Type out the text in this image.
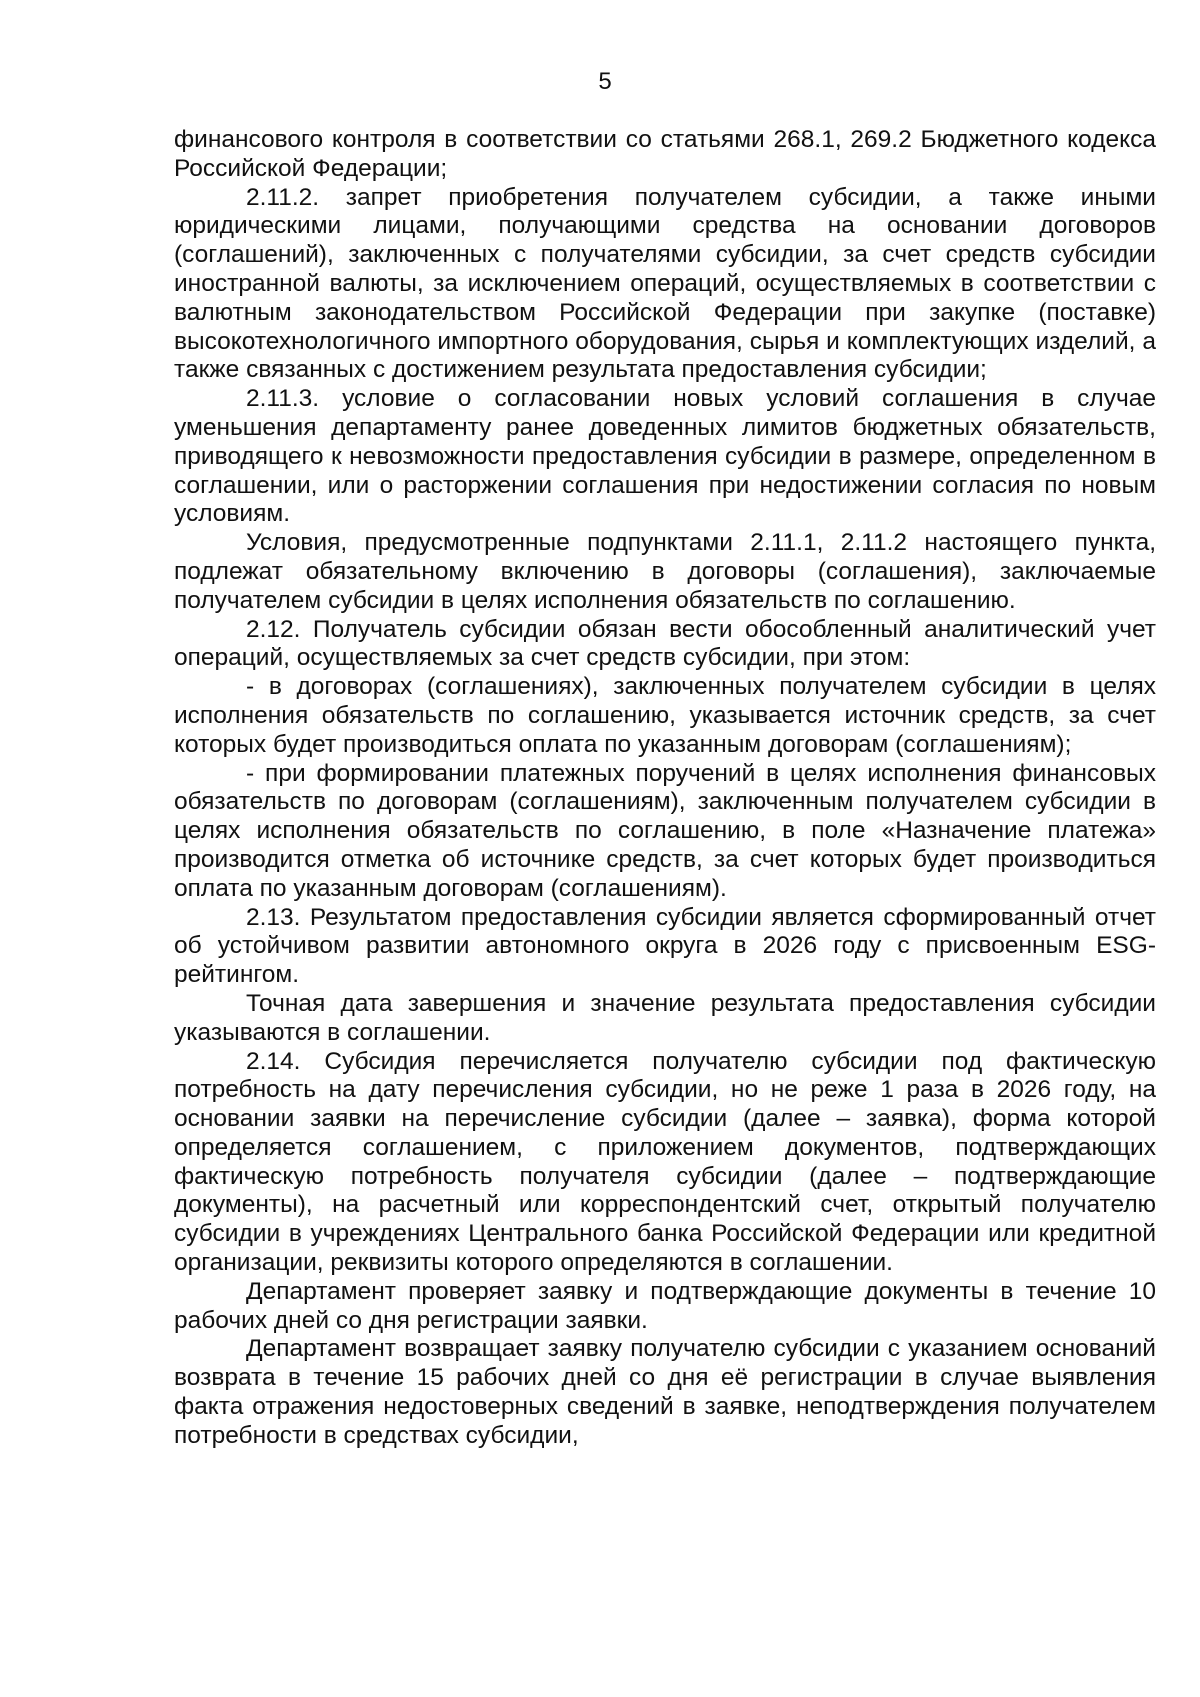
5

финансового контроля в соответствии со статьями 268.1, 269.2 Бюджетного кодекса Российской Федерации;

2.11.2. запрет приобретения получателем субсидии, а также иными юридическими лицами, получающими средства на основании договоров (соглашений), заключенных с получателями субсидии, за счет средств субсидии иностранной валюты, за исключением операций, осуществляемых в соответствии с валютным законодательством Российской Федерации при закупке (поставке) высокотехнологичного импортного оборудования, сырья и комплектующих изделий, а также связанных с достижением результата предоставления субсидии;

2.11.3. условие о согласовании новых условий соглашения в случае уменьшения департаменту ранее доведенных лимитов бюджетных обязательств, приводящего к невозможности предоставления субсидии в размере, определенном в соглашении, или о расторжении соглашения при недостижении согласия по новым условиям.

Условия, предусмотренные подпунктами 2.11.1, 2.11.2 настоящего пункта, подлежат обязательному включению в договоры (соглашения), заключаемые получателем субсидии в целях исполнения обязательств по соглашению.

2.12. Получатель субсидии обязан вести обособленный аналитический учет операций, осуществляемых за счет средств субсидии, при этом:

- в договорах (соглашениях), заключенных получателем субсидии в целях исполнения обязательств по соглашению, указывается источник средств, за счет которых будет производиться оплата по указанным договорам (соглашениям);

- при формировании платежных поручений в целях исполнения финансовых обязательств по договорам (соглашениям), заключенным получателем субсидии в целях исполнения обязательств по соглашению, в поле «Назначение платежа» производится отметка об источнике средств, за счет которых будет производиться оплата по указанным договорам (соглашениям).

2.13. Результатом предоставления субсидии является сформированный отчет об устойчивом развитии автономного округа в 2026 году с присвоенным ESG-рейтингом.

Точная дата завершения и значение результата предоставления субсидии указываются в соглашении.

2.14. Субсидия перечисляется получателю субсидии под фактическую потребность на дату перечисления субсидии, но не реже 1 раза в 2026 году, на основании заявки на перечисление субсидии (далее – заявка), форма которой определяется соглашением, с приложением документов, подтверждающих фактическую потребность получателя субсидии (далее – подтверждающие документы), на расчетный или корреспондентский счет, открытый получателю субсидии в учреждениях Центрального банка Российской Федерации или кредитной организации, реквизиты которого определяются в соглашении.

Департамент проверяет заявку и подтверждающие документы в течение 10 рабочих дней со дня регистрации заявки.

Департамент возвращает заявку получателю субсидии с указанием оснований возврата в течение 15 рабочих дней со дня её регистрации в случае выявления факта отражения недостоверных сведений в заявке, неподтверждения получателем потребности в средствах субсидии,
